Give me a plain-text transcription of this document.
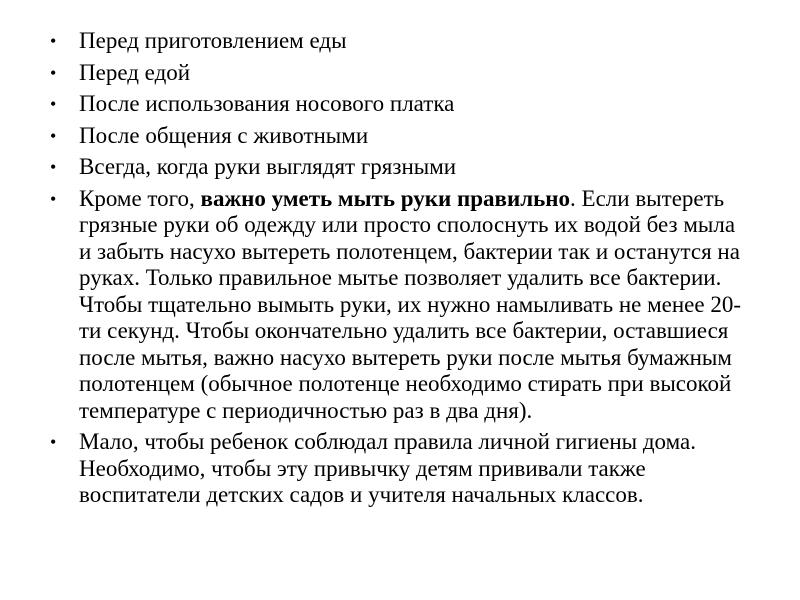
• Перед приготовлением еды
• Перед едой
• После использования носового платка
• После общения с животными
• Всегда, когда руки выглядят грязными
• Кроме того, важно уметь мыть руки правильно. Если вытереть грязные руки об одежду или просто сполоснуть их водой без мыла и забыть насухо вытереть полотенцем, бактерии так и останутся на руках. Только правильное мытье позволяет удалить все бактерии. Чтобы тщательно вымыть руки, их нужно намыливать не менее 20-ти секунд. Чтобы окончательно удалить все бактерии, оставшиеся после мытья, важно насухо вытереть руки после мытья бумажным полотенцем (обычное полотенце необходимо стирать при высокой температуре с периодичностью раз в два дня).
• Мало, чтобы ребенок соблюдал правила личной гигиены дома. Необходимо, чтобы эту привычку детям прививали также воспитатели детских садов и учителя начальных классов.
